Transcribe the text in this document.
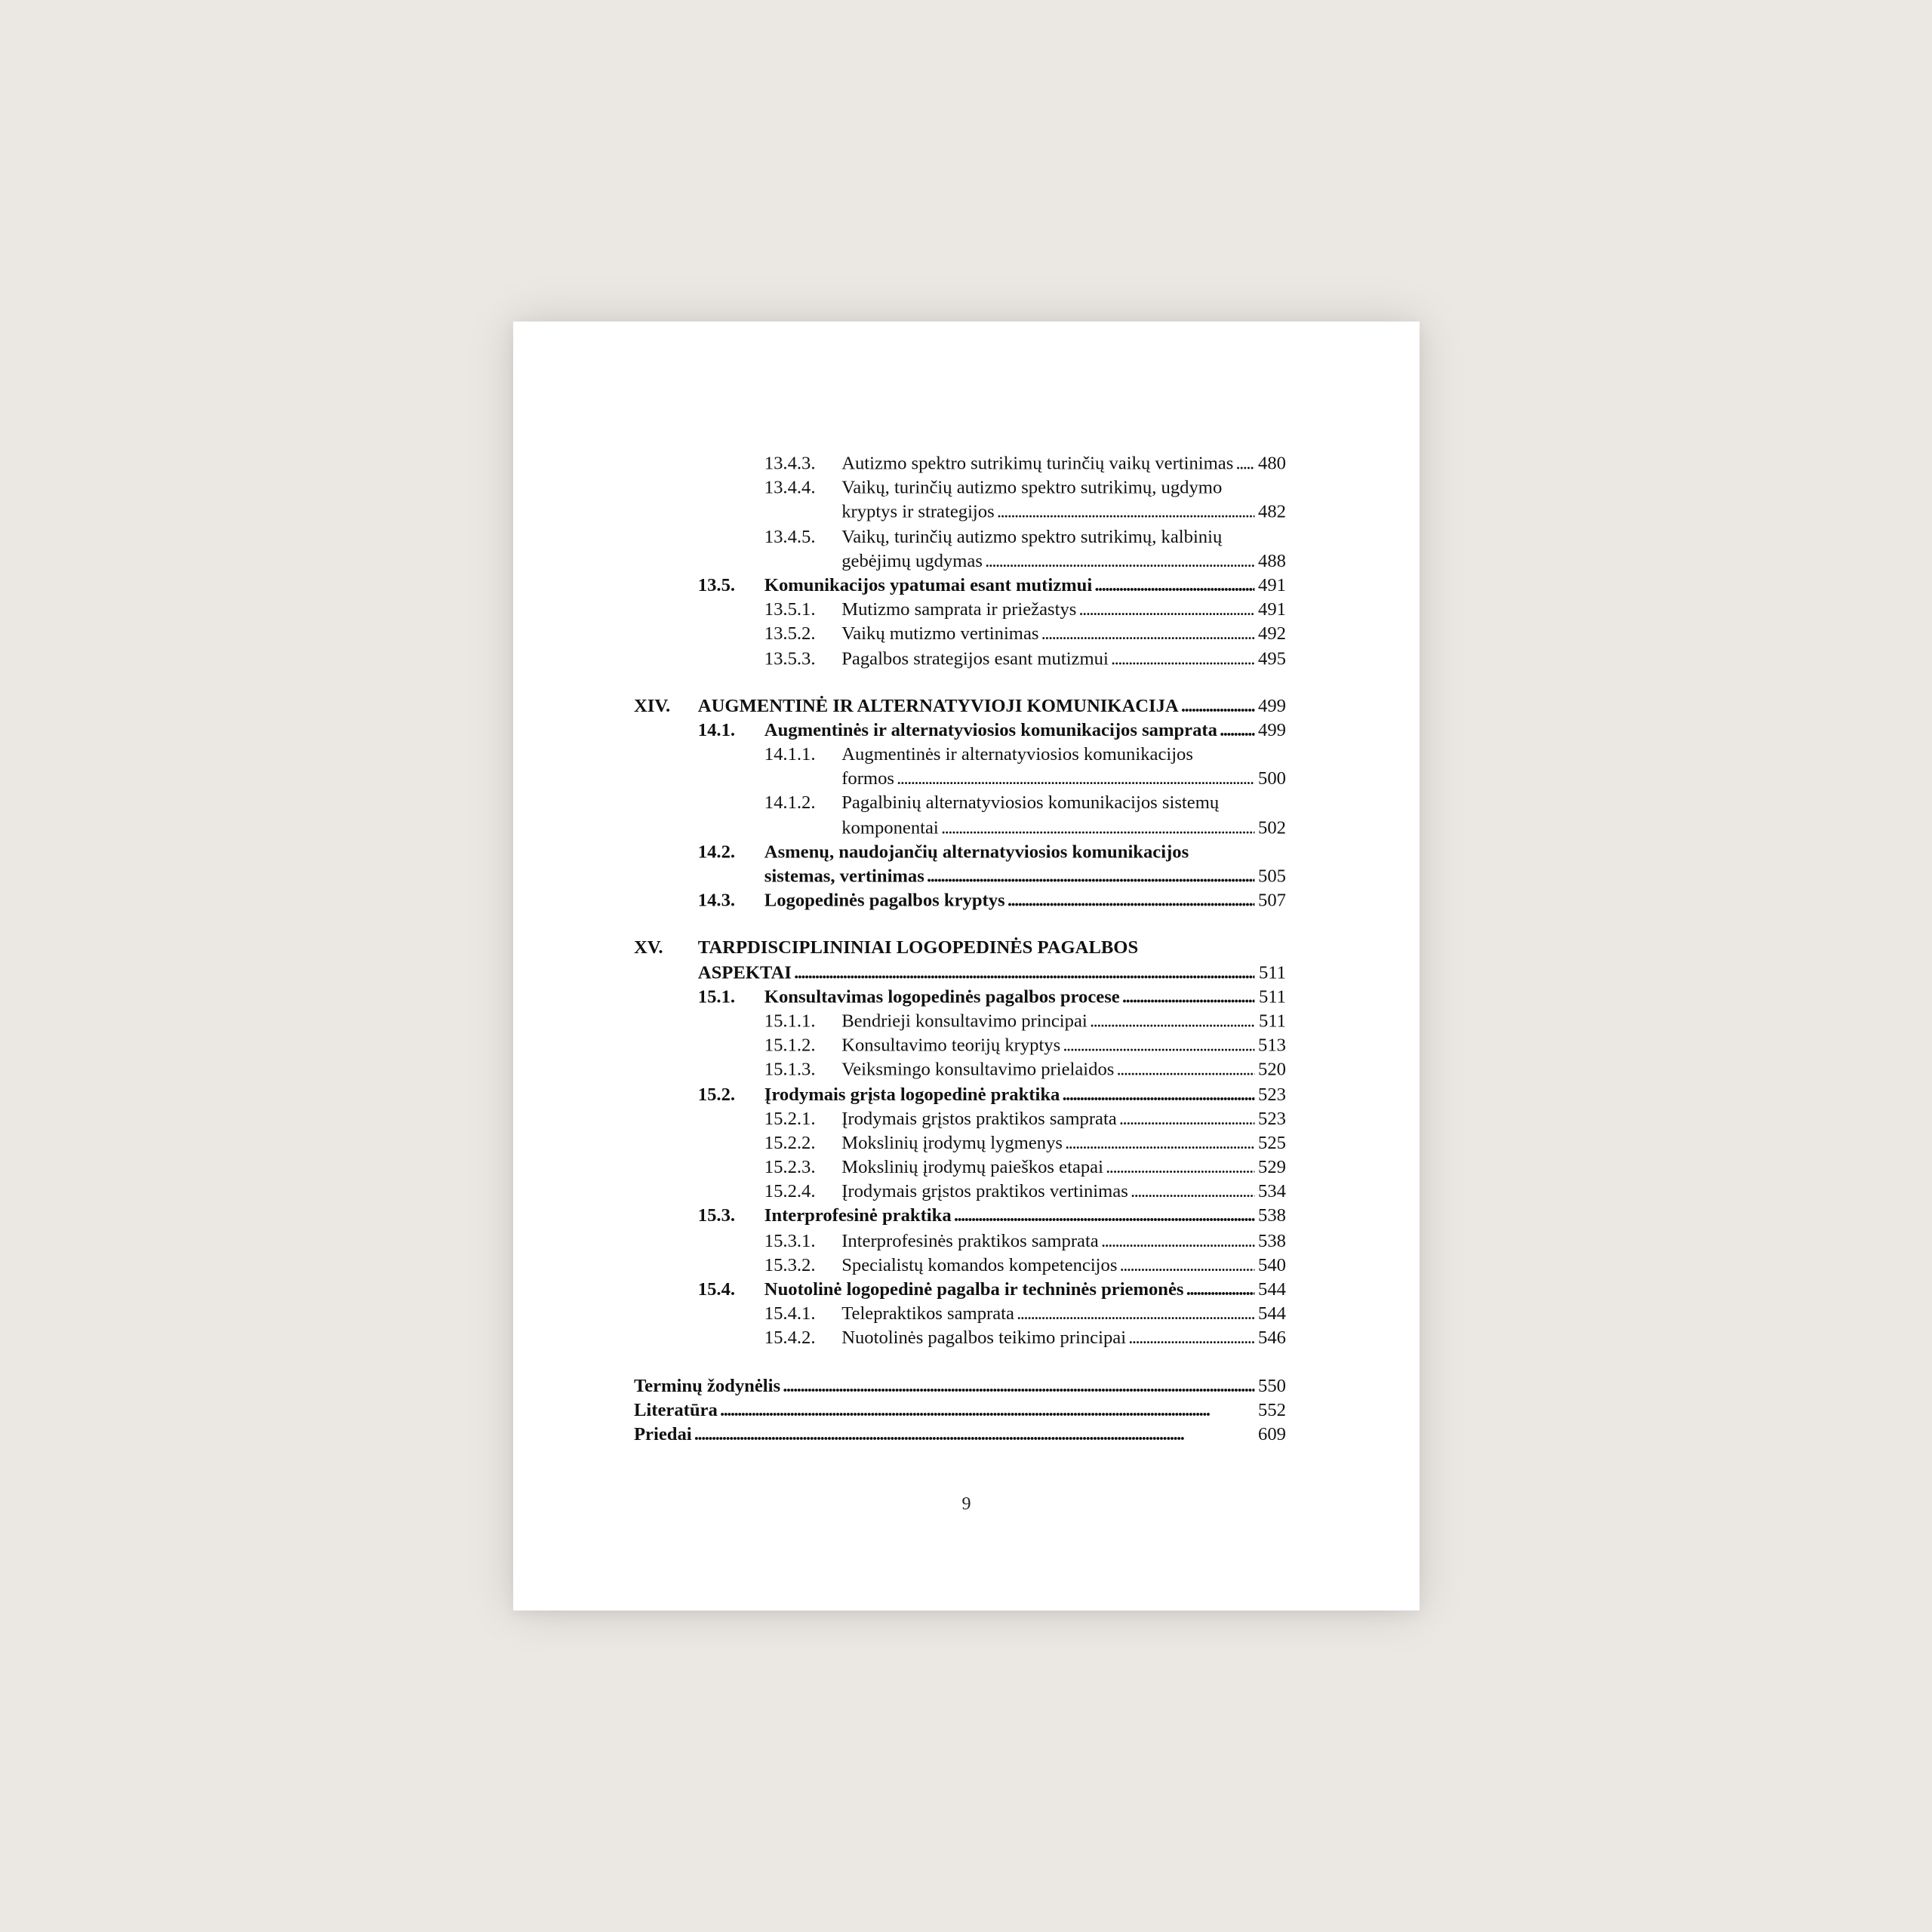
13.4.3. Autizmo spektro sutrikimų turinčių vaikų vertinimas . . .	480
13.4.4. Vaikų, turinčių autizmo spektro sutrikimų, ugdymo
kryptys ir strategijos . . .	482
13.4.5. Vaikų, turinčių autizmo spektro sutrikimų, kalbinių
gebėjimų ugdymas . . .	488
13.5.	Komunikacijos ypatumai esant mutizmui . . .	491
13.5.1. Mutizmo samprata ir priežastys . . .	491
13.5.2. Vaikų mutizmo vertinimas . . .	492
13.5.3. Pagalbos strategijos esant mutizmui . . .	495
XIV. AUGMENTINĖ IR ALTERNATYVIOJI KOMUNIKACIJA . . .	499
14.1.	Augmentinės ir alternatyviosios komunikacijos samprata . . .	499
14.1.1. Augmentinės ir alternatyviosios komunikacijos
formos . . .	500
14.1.2. Pagalbinių alternatyviosios komunikacijos sistemų
komponentai . . .	502
14.2.	Asmenų, naudojančių alternatyviosios komunikacijos
sistemas, vertinimas . . .	505
14.3.	Logopedinės pagalbos kryptys . . .	507
XV.	TARPDISCIPLININIAI LOGOPEDINĖS PAGALBOS
ASPEKTAI . . .	511
15.1.	Konsultavimas logopedinės pagalbos procese . . .	511
15.1.1. Bendrieji konsultavimo principai . . .	511
15.1.2. Konsultavimo teorijų kryptys . . .	513
15.1.3. Veiksmingo konsultavimo prielaidos . . .	520
15.2.	Įrodymais grįsta logopedinė praktika . . .	523
15.2.1. Įrodymais grįstos praktikos samprata . . .	523
15.2.2. Mokslinių įrodymų lygmenys . . .	525
15.2.3. Mokslinių įrodymų paieškos etapai . . .	529
15.2.4. Įrodymais grįstos praktikos vertinimas . . .	534
15.3.	Interprofesinė praktika . . .	538
15.3.1. Interprofesinės praktikos samprata . . .	538
15.3.2. Specialistų komandos kompetencijos . . .	540
15.4.	Nuotolinė logopedinė pagalba ir techninės priemonės . . .	544
15.4.1. Telepraktikos samprata . . .	544
15.4.2. Nuotolinės pagalbos teikimo principai . . .	546
Terminų žodynėlis . . .	550
Literatūra . . .	552
Priedai . . .	609
9
